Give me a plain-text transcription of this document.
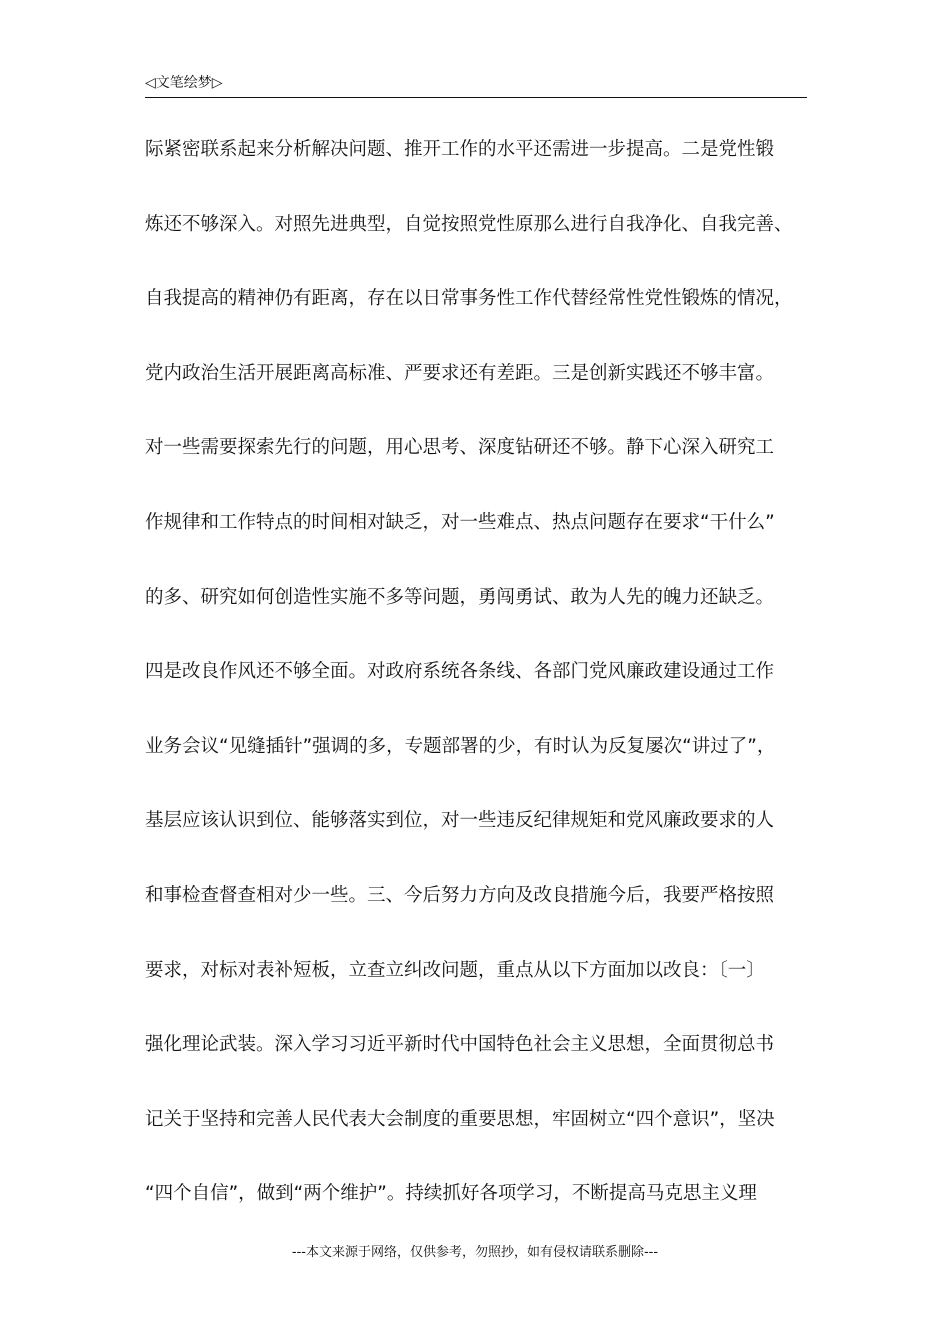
◁文笔绘梦▷
际紧密联系起来分析解决问题、推开工作的水平还需进一步提高。二是党性锻
炼还不够深入。对照先进典型，自觉按照党性原那么进行自我净化、自我完善、
自我提高的精神仍有距离，存在以日常事务性工作代替经常性党性锻炼的情况，
党内政治生活开展距离高标准、严要求还有差距。三是创新实践还不够丰富。
对一些需要探索先行的问题，用心思考、深度钻研还不够。静下心深入研究工
作规律和工作特点的时间相对缺乏，对一些难点、热点问题存在要求“干什么”
的多、研究如何创造性实施不多等问题，勇闯勇试、敢为人先的魄力还缺乏。
四是改良作风还不够全面。对政府系统各条线、各部门党风廉政建设通过工作
业务会议“见缝插针”强调的多，专题部署的少，有时认为反复屡次“讲过了”，
基层应该认识到位、能够落实到位，对一些违反纪律规矩和党风廉政要求的人
和事检查督查相对少一些。三、今后努力方向及改良措施今后，我要严格按照
要求，对标对表补短板，立查立纠改问题，重点从以下方面加以改良：〔一〕
强化理论武装。深入学习习近平新时代中国特色社会主义思想，全面贯彻总书
记关于坚持和完善人民代表大会制度的重要思想，牢固树立“四个意识”，坚决
“四个自信”，做到“两个维护”。持续抓好各项学习，不断提高马克思主义理
---本文来源于网络，仅供参考，勿照抄，如有侵权请联系删除---
